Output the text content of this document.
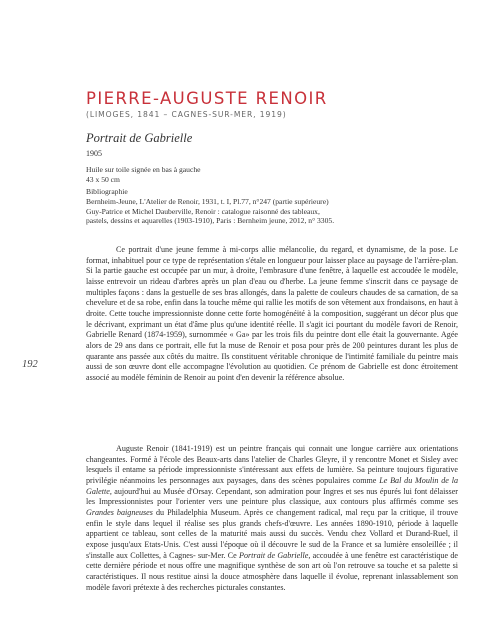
PIERRE-AUGUSTE RENOIR
(LIMOGES, 1841 – CAGNES-SUR-MER, 1919)
Portrait de Gabrielle
1905
Huile sur toile signée en bas à gauche
43 x 50 cm
Bibliographie
Bernheim-Jeune, L'Atelier de Renoir, 1931, t. I, Pl.77, n°247 (partie supérieure)
Guy-Patrice et Michel Dauberville, Renoir : catalogue raisonné des tableaux,
pastels, dessins et aquarelles (1903-1910), Paris : Bernheim jeune, 2012, n° 3305.
192

Ce portrait d'une jeune femme à mi-corps allie mélancolie, du regard, et dynamisme, de la pose. Le format, inhabituel pour ce type de représentation s'étale en longueur pour laisser place au paysage de l'arrière-plan. Si la partie gauche est occupée par un mur, à droite, l'embrasure d'une fenêtre, à laquelle est accoudée le modèle, laisse entrevoir un rideau d'arbres après un plan d'eau ou d'herbe. La jeune femme s'inscrit dans ce paysage de multiples façons : dans la gestuelle de ses bras allongés, dans la palette de couleurs chaudes de sa carnation, de sa chevelure et de sa robe, enfin dans la touche même qui rallie les motifs de son vêtement aux frondaisons, en haut à droite. Cette touche impressionniste donne cette forte homogénéité à la composition, suggérant un décor plus que le décrivant, exprimant un état d'âme plus qu'une identité réelle. Il s'agit ici pourtant du modèle favori de Renoir, Gabrielle Renard (1874-1959), surnommée « Ga» par les trois fils du peintre dont elle était la gouvernante. Agée alors de 29 ans dans ce portrait, elle fut la muse de Renoir et posa pour près de 200 peintures durant les plus de quarante ans passée aux côtés du maitre. Ils constituent véritable chronique de l'intimité familiale du peintre mais aussi de son œuvre dont elle accompagne l'évolution au quotidien. Ce prénom de Gabrielle est donc étroitement associé au modèle féminin de Renoir au point d'en devenir la référence absolue.

Auguste Renoir (1841-1919) est un peintre français qui connait une longue carrière aux orientations changeantes. Formé à l'école des Beaux-arts dans l'atelier de Charles Gleyre, il y rencontre Monet et Sisley avec lesquels il entame sa période impressionniste s'intéressant aux effets de lumière. Sa peinture toujours figurative privilégie néanmoins les personnages aux paysages, dans des scènes populaires comme Le Bal du Moulin de la Galette, aujourd'hui au Musée d'Orsay. Cependant, son admiration pour Ingres et ses nus épurés lui font délaisser les Impressionnistes pour l'orienter vers une peinture plus classique, aux contours plus affirmés comme ses Grandes baigneuses du Philadelphia Museum. Après ce changement radical, mal reçu par la critique, il trouve enfin le style dans lequel il réalise ses plus grands chefs-d'œuvre. Les années 1890-1910, période à laquelle appartient ce tableau, sont celles de la maturité mais aussi du succès. Vendu chez Vollard et Durand-Ruel, il expose jusqu'aux Etats-Unis. C'est aussi l'époque où il découvre le sud de la France et sa lumière ensoleillée ; il s'installe aux Collettes, à Cagnes- sur-Mer. Ce Portrait de Gabrielle, accoudée à une fenêtre est caractéristique de cette dernière période et nous offre une magnifique synthèse de son art où l'on retrouve sa touche et sa palette si caractéristiques. Il nous restitue ainsi la douce atmosphère dans laquelle il évolue, reprenant inlassablement son modèle favori prétexte à des recherches picturales constantes.
